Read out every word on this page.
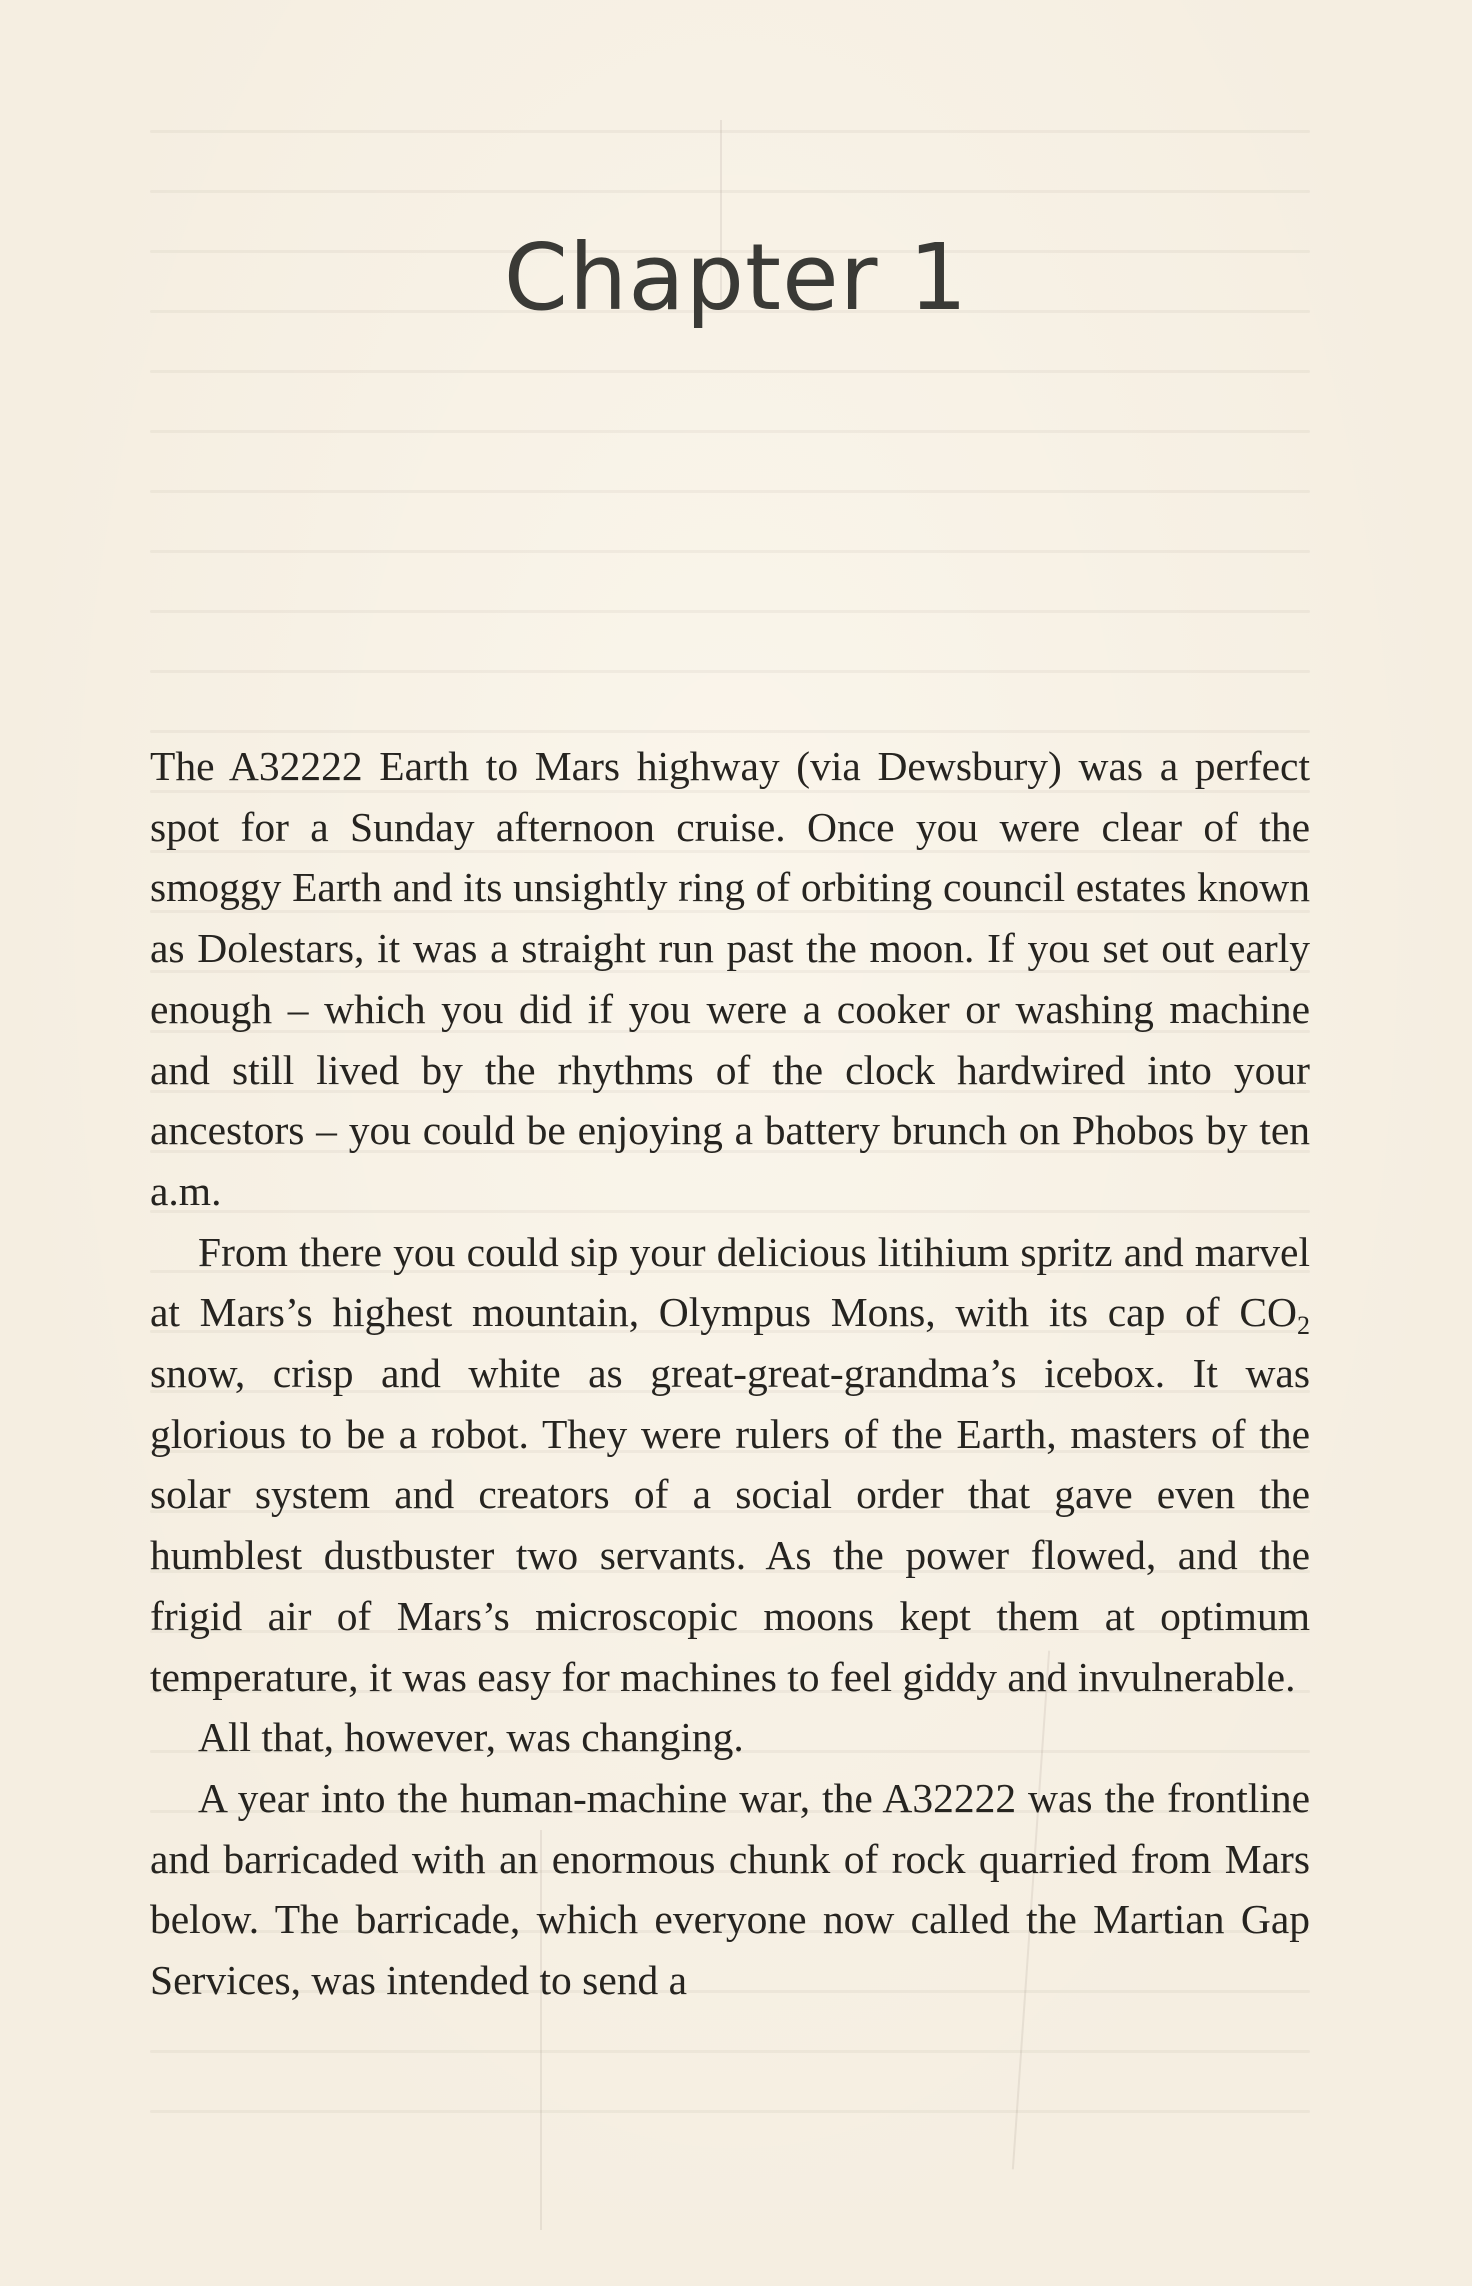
Chapter 1

The A32222 Earth to Mars highway (via Dewsbury) was a perfect spot for a Sunday afternoon cruise. Once you were clear of the smoggy Earth and its unsightly ring of orbiting council estates known as Dolestars, it was a straight run past the moon. If you set out early enough – which you did if you were a cooker or washing machine and still lived by the rhythms of the clock hardwired into your ancestors – you could be enjoying a battery brunch on Phobos by ten a.m.

From there you could sip your delicious litihium spritz and marvel at Mars’s highest mountain, Olympus Mons, with its cap of $CO_2$ snow, crisp and white as great-great-grandma’s icebox. It was glorious to be a robot. They were rulers of the Earth, masters of the solar system and creators of a social order that gave even the humblest dustbuster two servants. As the power flowed, and the frigid air of Mars’s microscopic moons kept them at optimum temperature, it was easy for machines to feel giddy and invulnerable.

All that, however, was changing.

A year into the human-machine war, the A32222 was the frontline and barricaded with an enormous chunk of rock quarried from Mars below. The barricade, which everyone now called the Martian Gap Services, was intended to send a
